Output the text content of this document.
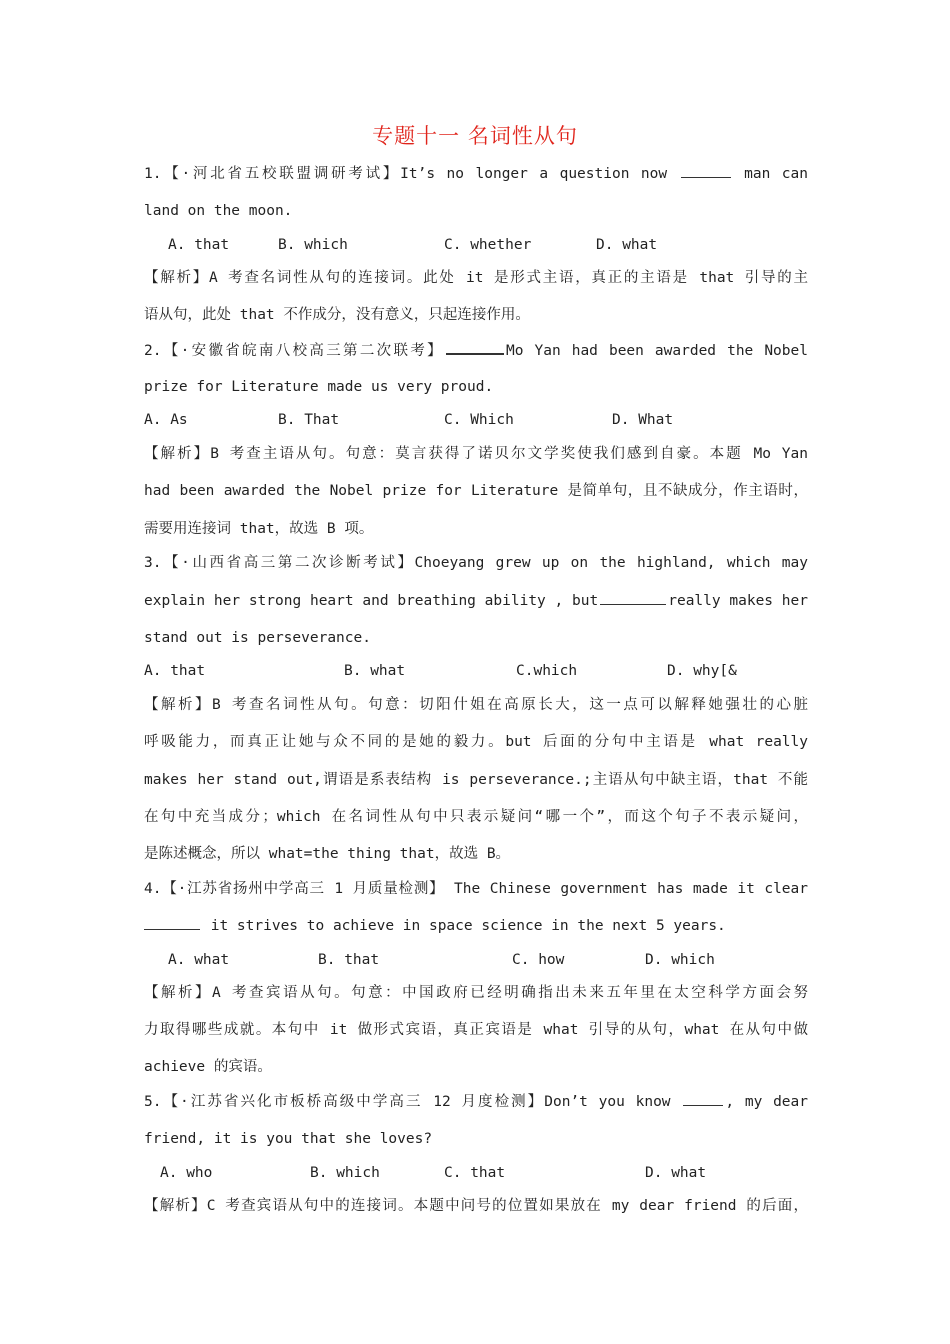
专题十一 名词性从句
1.【·河北省五校联盟调研考试】It’s no longer a question now	man can
land on the moon.
A. that	B. which	C. whether	D. what
【解析】A 考查名词性从句的连接词。此处 it 是形式主语，真正的主语是 that 引导的主
语从句，此处 that 不作成分，没有意义，只起连接作用。
2.【·安徽省皖南八校高三第二次联考】	Mo Yan had been awarded the Nobel
prize for Literature made us very proud.
A. As	B. That	C. Which	D. What
【解析】B 考查主语从句。句意：莫言获得了诺贝尔文学奖使我们感到自豪。本题 Mo Yan
had been awarded the Nobel prize for Literature 是简单句，且不缺成分，作主语时，
需要用连接词 that，故选 B 项。
3.【·山西省高三第二次诊断考试】Choeyang grew up on the highland, which may
explain her strong heart and breathing ability , but	really makes her
stand out is perseverance.
A. that	B. what	C.which	D. why[&
【解析】B 考查名词性从句。句意：切阳什姐在高原长大，这一点可以解释她强壮的心脏
呼吸能力，而真正让她与众不同的是她的毅力。but 后面的分句中主语是 what really
makes her stand out,谓语是系表结构 is perseverance.;主语从句中缺主语，that 不能
在句中充当成分；which 在名词性从句中只表示疑问“哪一个”，而这个句子不表示疑问，
是陈述概念，所以 what=the thing that，故选 B。
4.【·江苏省扬州中学高三 1 月质量检测】 The Chinese government has made it clear
it strives to achieve in space science in the next 5 years.
A. what	B. that	C. how	D. which
【解析】A 考查宾语从句。句意：中国政府已经明确指出未来五年里在太空科学方面会努
力取得哪些成就。本句中 it 做形式宾语，真正宾语是 what 引导的从句，what 在从句中做
achieve 的宾语。
5.【·江苏省兴化市板桥高级中学高三 12 月度检测】Don’t you know	, my dear
friend, it is you that she loves?
A. who	B. which	C. that	D. what
【解析】C 考查宾语从句中的连接词。本题中问号的位置如果放在 my dear friend 的后面，
